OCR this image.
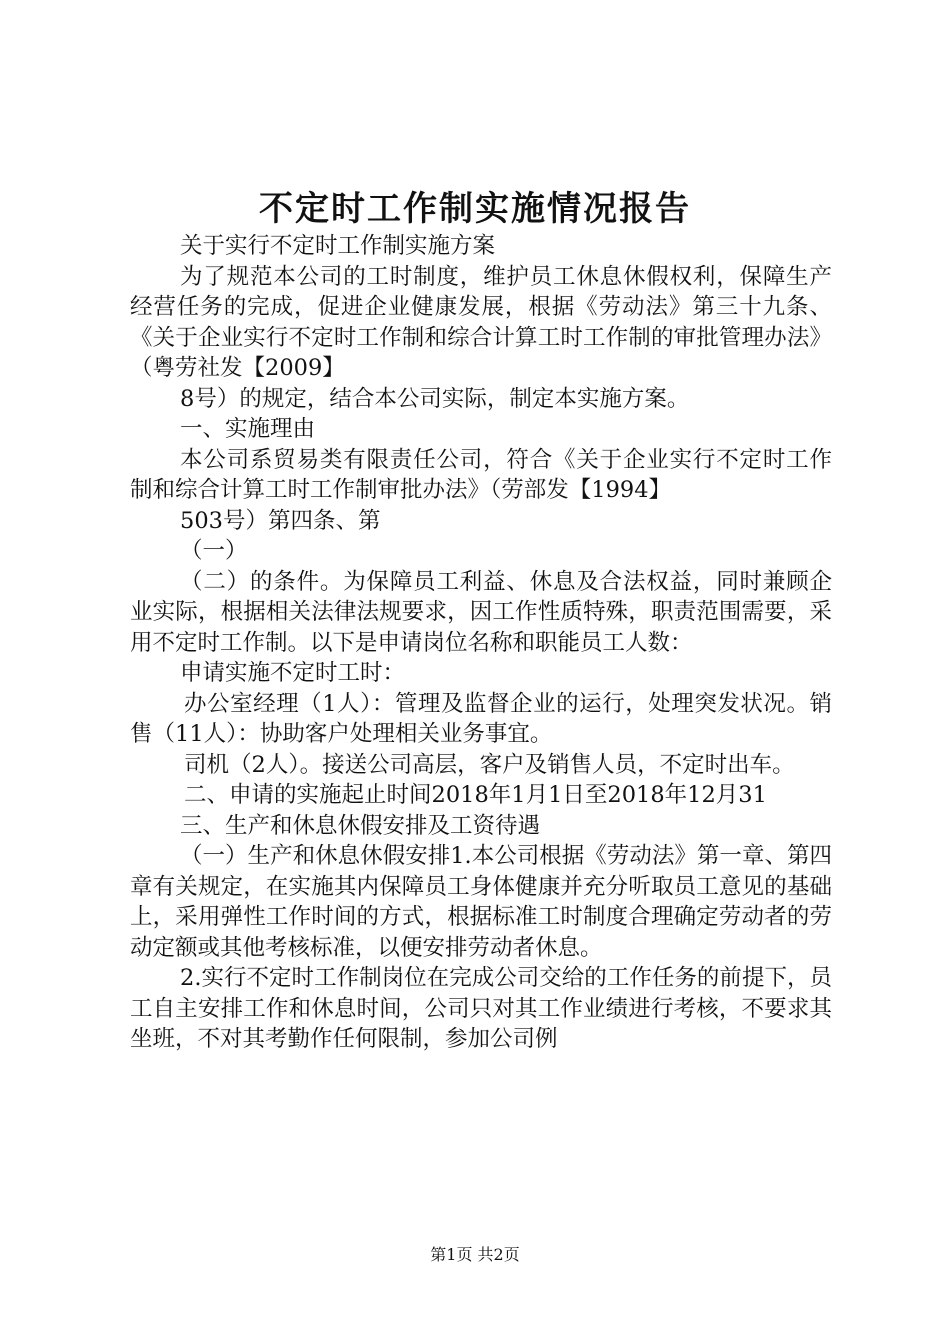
不定时工作制实施情况报告

关于实行不定时工作制实施方案

为了规范本公司的工时制度，维护员工休息休假权利，保障生产经营任务的完成，促进企业健康发展，根据《劳动法》第三十九条、《关于企业实行不定时工作制和综合计算工时工作制的审批管理办法》（粤劳社发【2009】

8号）的规定，结合本公司实际，制定本实施方案。

一、实施理由

本公司系贸易类有限责任公司，符合《关于企业实行不定时工作制和综合计算工时工作制审批办法》（劳部发【1994】

503号）第四条、第

（一）

（二）的条件。为保障员工利益、休息及合法权益，同时兼顾企业实际，根据相关法律法规要求，因工作性质特殊，职责范围需要，采用不定时工作制。以下是申请岗位名称和职能员工人数：

申请实施不定时工时：

办公室经理（1人）：管理及监督企业的运行，处理突发状况。销售（11人）：协助客户处理相关业务事宜。

司机（2人）。接送公司高层，客户及销售人员，不定时出车。

二、申请的实施起止时间2018年1月1日至2018年12月31

三、生产和休息休假安排及工资待遇

（一）生产和休息休假安排1.本公司根据《劳动法》第一章、第四章有关规定，在实施其内保障员工身体健康并充分听取员工意见的基础上，采用弹性工作时间的方式，根据标准工时制度合理确定劳动者的劳动定额或其他考核标准，以便安排劳动者休息。

2.实行不定时工作制岗位在完成公司交给的工作任务的前提下，员工自主安排工作和休息时间，公司只对其工作业绩进行考核，不要求其坐班，不对其考勤作任何限制，参加公司例

第1页 共2页
